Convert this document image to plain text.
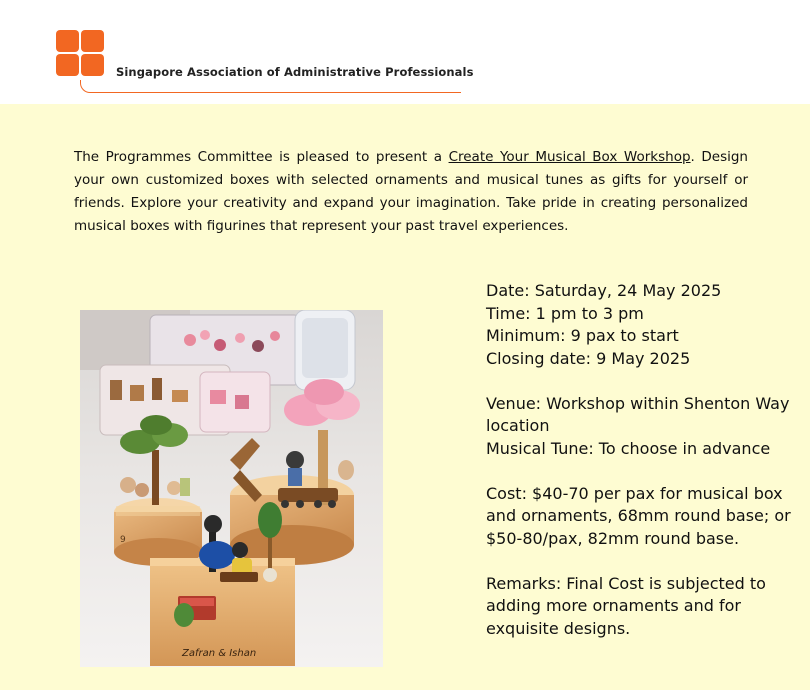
Singapore Association of Administrative Professionals
The Programmes Committee is pleased to present a Create Your Musical Box Workshop. Design your own customized boxes with selected ornaments and musical tunes as gifts for yourself or friends. Explore your creativity and expand your imagination. Take pride in creating personalized musical boxes with figurines that represent your past travel experiences.
9
Zafran & Ishan

Date: Saturday, 24 May 2025

Time: 1 pm to 3 pm

Minimum: 9 pax to start

Closing date: 9 May 2025

Venue: Workshop within Shenton Way location

Musical Tune: To choose in advance

Cost: $40-70 per pax for musical box and ornaments, 68mm round base; or $50-80/pax, 82mm round base.

Remarks: Final Cost is subjected to adding more ornaments and for exquisite designs.
